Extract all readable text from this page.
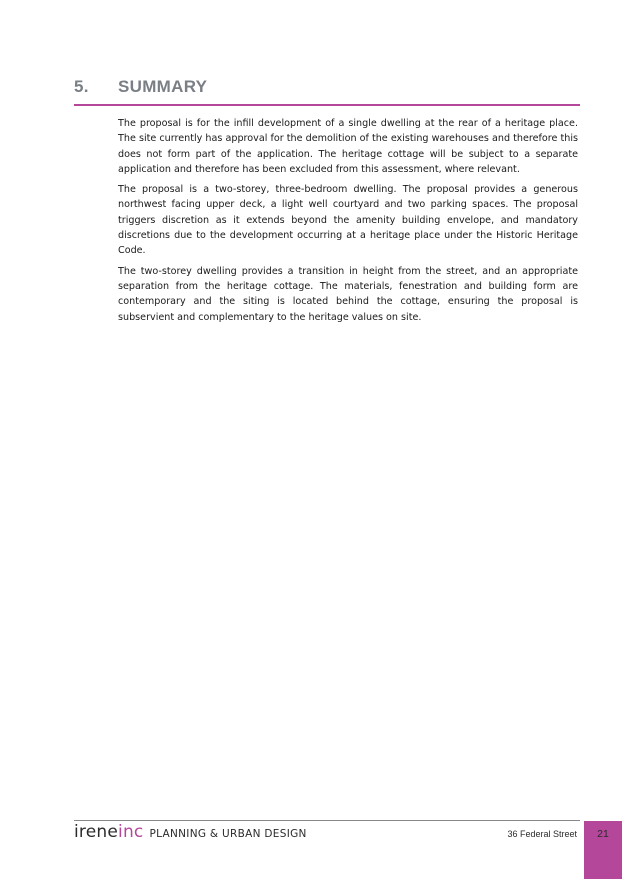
5. SUMMARY

The proposal is for the infill development of a single dwelling at the rear of a heritage place. The site currently has approval for the demolition of the existing warehouses and therefore this does not form part of the application. The heritage cottage will be subject to a separate application and therefore has been excluded from this assessment, where relevant.

The proposal is a two-storey, three-bedroom dwelling. The proposal provides a generous northwest facing upper deck, a light well courtyard and two parking spaces. The proposal triggers discretion as it extends beyond the amenity building envelope, and mandatory discretions due to the development occurring at a heritage place under the Historic Heritage Code.

The two-storey dwelling provides a transition in height from the street, and an appropriate separation from the heritage cottage. The materials, fenestration and building form are contemporary and the siting is located behind the cottage, ensuring the proposal is subservient and complementary to the heritage values on site.

irene inc PLANNING & URBAN DESIGN	36 Federal Street	21
